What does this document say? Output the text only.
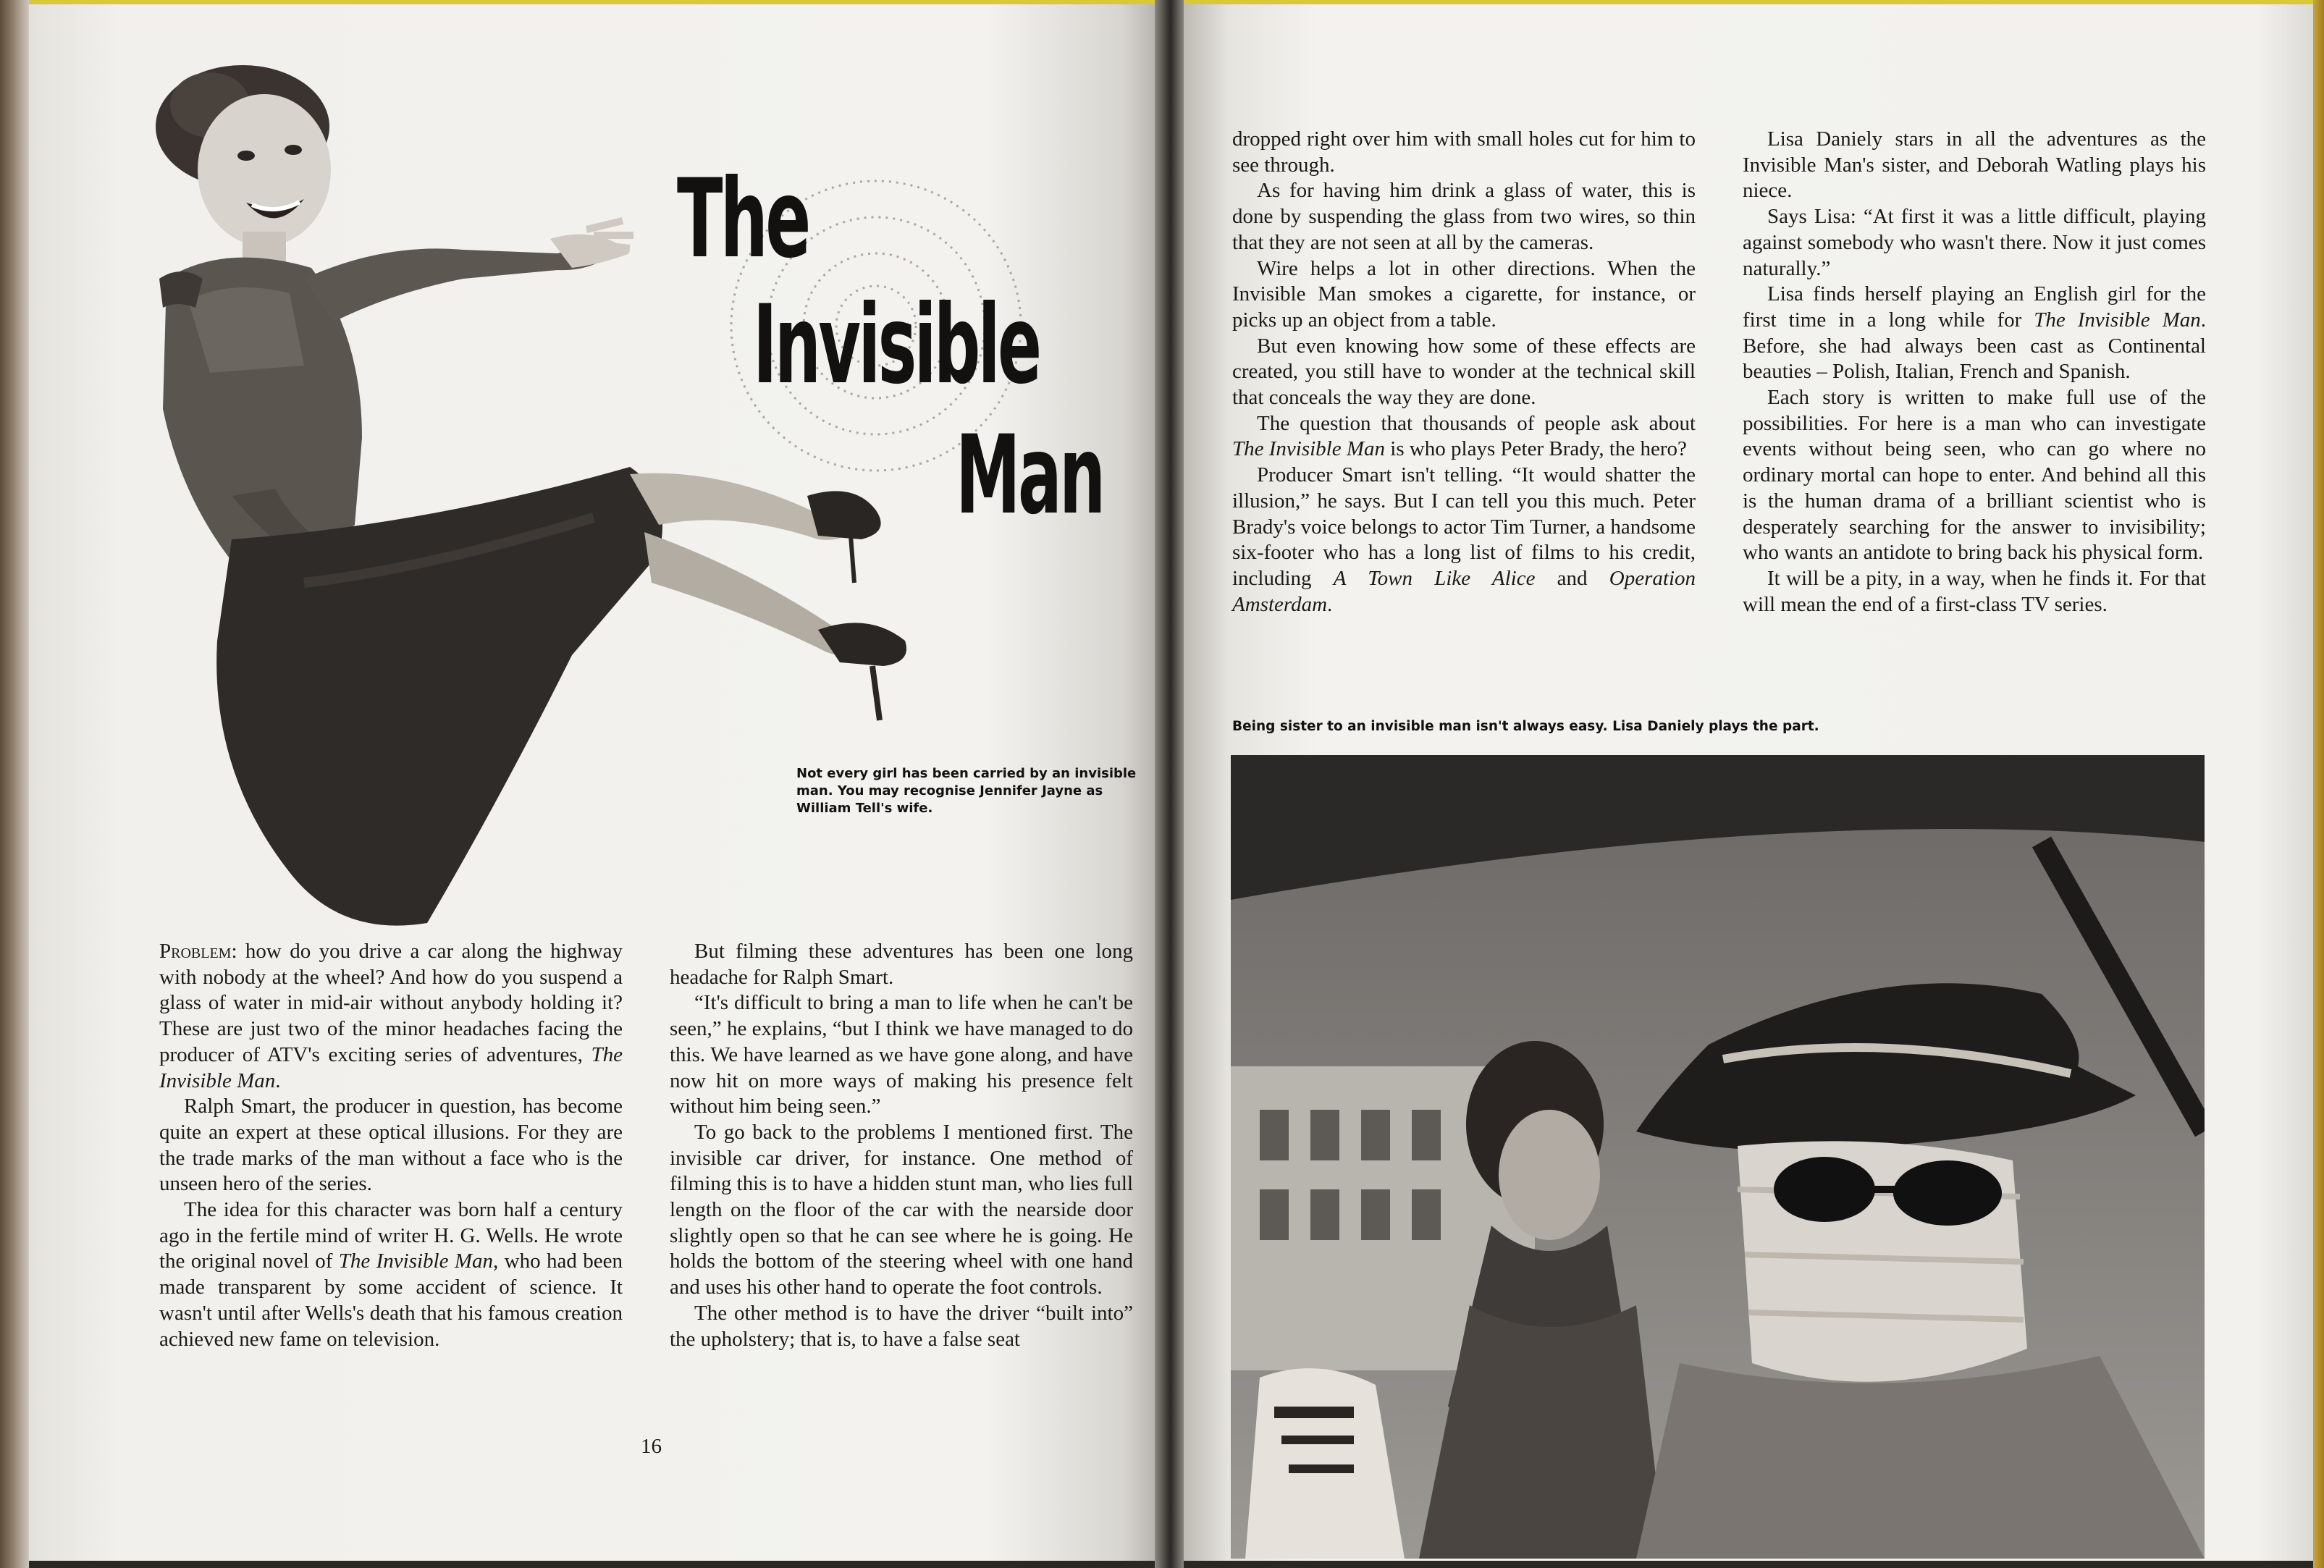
The
Invisible
Man
Not every girl has been carried by an invisible man. You may recognise Jennifer Jayne as William Tell's wife.

Problem: how do you drive a car along the highway with nobody at the wheel? And how do you suspend a glass of water in mid-air without anybody holding it? These are just two of the minor headaches facing the producer of ATV's exciting series of adventures, The Invisible Man.

Ralph Smart, the producer in question, has become quite an expert at these optical illusions. For they are the trade marks of the man without a face who is the unseen hero of the series.

The idea for this character was born half a century ago in the fertile mind of writer H. G. Wells. He wrote the original novel of The Invisible Man, who had been made transparent by some accident of science. It wasn't until after Wells's death that his famous creation achieved new fame on television.

But filming these adventures has been one long headache for Ralph Smart.

“It's difficult to bring a man to life when he can't be seen,” he explains, “but I think we have managed to do this. We have learned as we have gone along, and have now hit on more ways of making his presence felt without him being seen.”

To go back to the problems I mentioned first. The invisible car driver, for instance. One method of filming this is to have a hidden stunt man, who lies full length on the floor of the car with the nearside door slightly open so that he can see where he is going. He holds the bottom of the steering wheel with one hand and uses his other hand to operate the foot controls.

The other method is to have the driver “built into” the upholstery; that is, to have a false seat

16

dropped right over him with small holes cut for him to see through.

As for having him drink a glass of water, this is done by suspending the glass from two wires, so thin that they are not seen at all by the cameras.

Wire helps a lot in other directions. When the Invisible Man smokes a cigarette, for instance, or picks up an object from a table.

But even knowing how some of these effects are created, you still have to wonder at the technical skill that conceals the way they are done.

The question that thousands of people ask about The Invisible Man is who plays Peter Brady, the hero?

Producer Smart isn't telling. “It would shatter the illusion,” he says. But I can tell you this much. Peter Brady's voice belongs to actor Tim Turner, a handsome six-footer who has a long list of films to his credit, including A Town Like Alice and Operation Amsterdam.

Lisa Daniely stars in all the adventures as the Invisible Man's sister, and Deborah Watling plays his niece.

Says Lisa: “At first it was a little difficult, playing against somebody who wasn't there. Now it just comes naturally.”

Lisa finds herself playing an English girl for the first time in a long while for The Invisible Man. Before, she had always been cast as Continental beauties – Polish, Italian, French and Spanish.

Each story is written to make full use of the possibilities. For here is a man who can investigate events without being seen, who can go where no ordinary mortal can hope to enter. And behind all this is the human drama of a brilliant scientist who is desperately searching for the answer to invisibility; who wants an antidote to bring back his physical form.

It will be a pity, in a way, when he finds it. For that will mean the end of a first-class TV series.

Being sister to an invisible man isn't always easy. Lisa Daniely plays the part.
